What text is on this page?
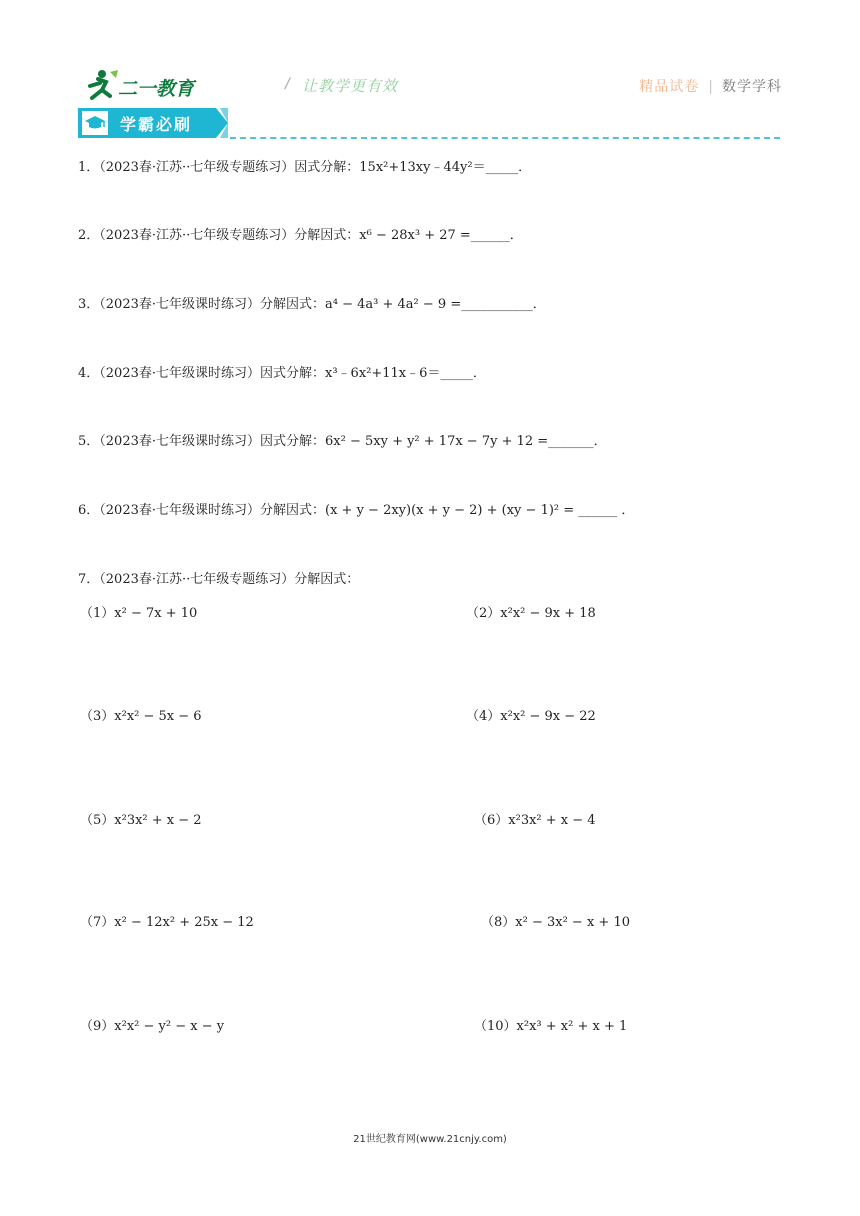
二一教育	/ 让教学更有效	精品试卷 | 数学学科
学霸必刷
1．（2023春·江苏··七年级专题练习）因式分解：15x²+13xy﹣44y²＝_____．
2．（2023春·江苏··七年级专题练习）分解因式：x⁶ − 28x³ + 27 =______．
3．（2023春·七年级课时练习）分解因式：a⁴ − 4a³ + 4a² − 9 =___________．
4．（2023春·七年级课时练习）因式分解：x³﹣6x²+11x﹣6＝_____．
5．（2023春·七年级课时练习）因式分解：6x² − 5xy + y² + 17x − 7y + 12 =_______．
6．（2023春·七年级课时练习）分解因式：(x + y − 2xy)(x + y − 2) + (xy − 1)² = ______ ．
7．（2023春·江苏··七年级专题练习）分解因式：
（1）x² − 7x + 10	（2）x²x² − 9x + 18
（3）x²x² − 5x − 6	（4）x²x² − 9x − 22
（5）x²3x² + x − 2	（6）x²3x² + x − 4
（7）x² − 12x² + 25x − 12	（8）x² − 3x² − x + 10
（9）x²x² − y² − x − y	（10）x²x³ + x² + x + 1
21世纪教育网(www.21cnjy.com)
